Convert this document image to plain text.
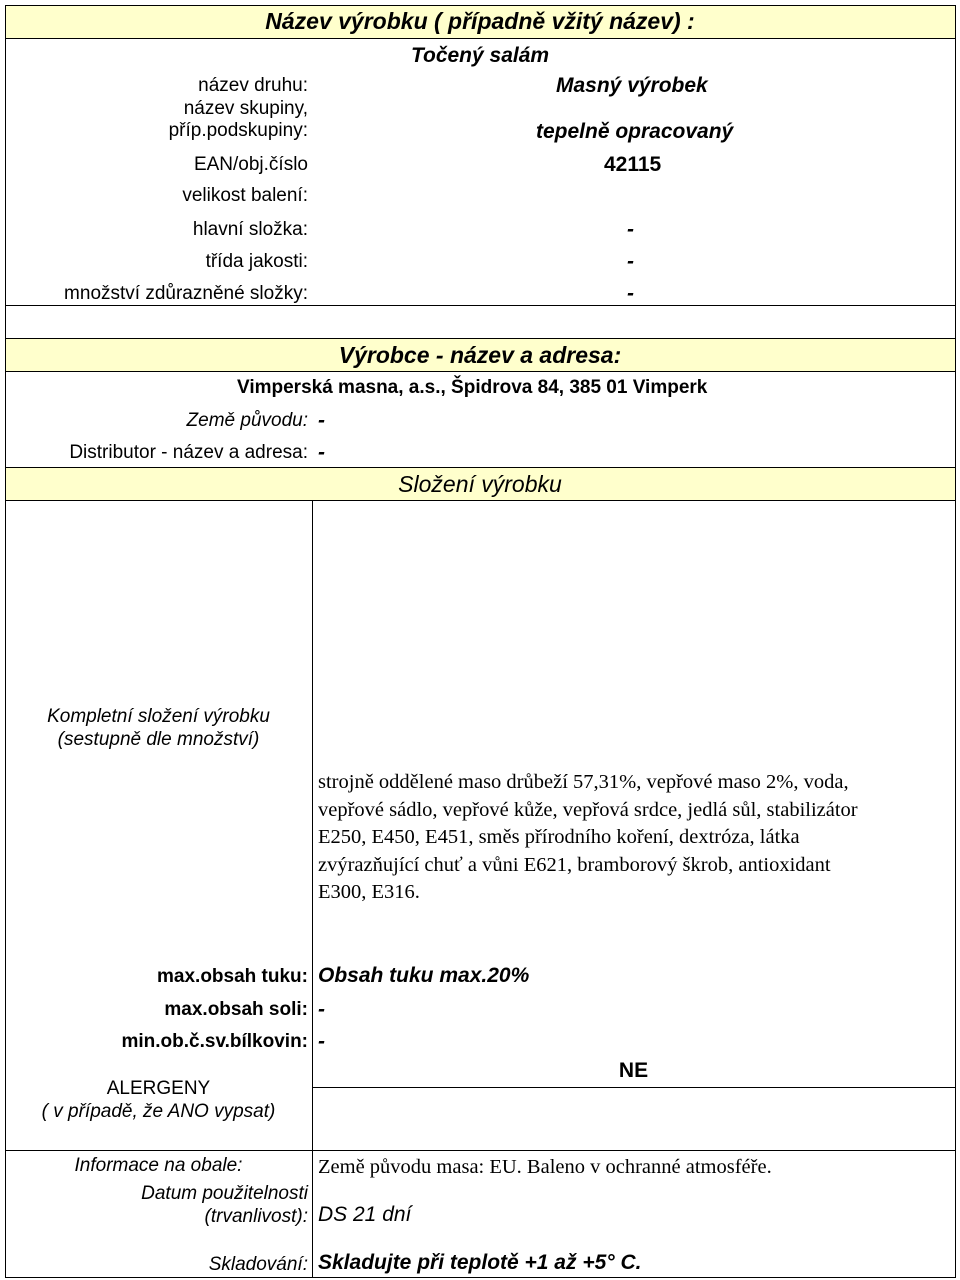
Název výrobku ( případně vžitý název) :
Točený salám
název druhu:	Masný výrobek
název skupiny,
příp.podskupiny:	tepelně opracovaný
EAN/obj.číslo	42115
velikost balení:
hlavní složka:	-
třída jakosti:	-
množství zdůrazněné složky:	-
Výrobce - název a adresa:
Vimperská masna, a.s., Špidrova 84, 385 01 Vimperk
Země původu: -
Distributor - název a adresa: -
Složení výrobku
Kompletní složení výrobku
(sestupně dle množství)
strojně oddělené maso drůbeží 57,31%, vepřové maso 2%, voda,
vepřové sádlo, vepřové kůže, vepřová srdce, jedlá sůl, stabilizátor
E250, E450, E451, směs přírodního koření, dextróza, látka
zvýrazňující chuť a vůni E621, bramborový škrob, antioxidant
E300, E316.
max.obsah tuku: Obsah tuku max.20%
max.obsah soli: -
min.ob.č.sv.bílkovin: -
ALERGENY
( v případě, že ANO vypsat)
NE
Informace na obale:	Země původu masa: EU. Baleno v ochranné atmosféře.
Datum použitelnosti
(trvanlivost): DS 21 dní
Skladování: Skladujte při teplotě +1 až +5° C.
